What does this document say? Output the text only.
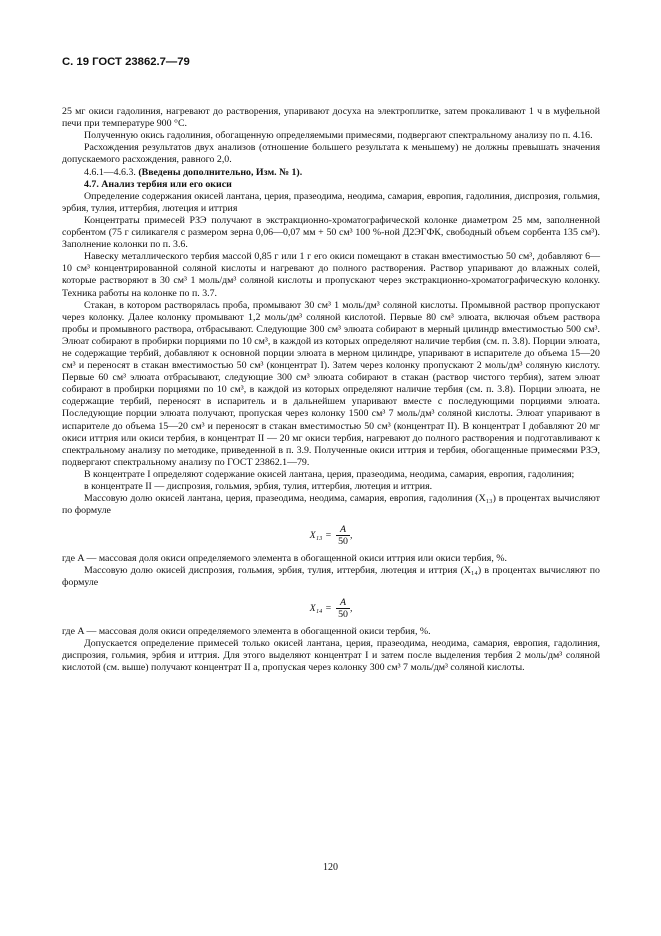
С. 19 ГОСТ 23862.7—79

25 мг окиси гадолиния, нагревают до растворения, упаривают досуха на электроплитке, затем прокаливают 1 ч в муфельной печи при температуре 900 °С.

Полученную окись гадолиния, обогащенную определяемыми примесями, подвергают спектральному анализу по п. 4.16.

Расхождения результатов двух анализов (отношение большего результата к меньшему) не должны превышать значения допускаемого расхождения, равного 2,0.

4.6.1—4.6.3. (Введены дополнительно, Изм. № 1).

4.7. Анализ тербия или его окиси

Определение содержания окисей лантана, церия, празеодима, неодима, самария, европия, гадолиния, диспрозия, гольмия, эрбия, тулия, иттербия, лютеция и иттрия

Концентраты примесей РЗЭ получают в экстракционно-хроматографической колонке диаметром 25 мм, заполненной сорбентом (75 г силикагеля с размером зерна 0,06—0,07 мм + 50 см³ 100 %-ной Д2ЭГФК, свободный объем сорбента 135 см³). Заполнение колонки по п. 3.6.

Навеску металлического тербия массой 0,85 г или 1 г его окиси помещают в стакан вместимостью 50 см³, добавляют 6—10 см³ концентрированной соляной кислоты и нагревают до полного растворения. Раствор упаривают до влажных солей, которые растворяют в 30 см³ 1 моль/дм³ соляной кислоты и пропускают через экстракционно-хроматографическую колонку. Техника работы на колонке по п. 3.7.

Стакан, в котором растворялась проба, промывают 30 см³ 1 моль/дм³ соляной кислоты. Промывной раствор пропускают через колонку. Далее колонку промывают 1,2 моль/дм³ соляной кислотой. Первые 80 см³ элюата, включая объем раствора пробы и промывного раствора, отбрасывают. Следующие 300 см³ элюата собирают в мерный цилиндр вместимостью 500 см³. Элюат собирают в пробирки порциями по 10 см³, в каждой из которых определяют наличие тербия (см. п. 3.8). Порции элюата, не содержащие тербий, добавляют к основной порции элюата в мерном цилиндре, упаривают в испарителе до объема 15—20 см³ и переносят в стакан вместимостью 50 см³ (концентрат I). Затем через колонку пропускают 2 моль/дм³ соляную кислоту. Первые 60 см³ элюата отбрасывают, следующие 300 см³ элюата собирают в стакан (раствор чистого тербия), затем элюат собирают в пробирки порциями по 10 см³, в каждой из которых определяют наличие тербия (см. п. 3.8). Порции элюата, не содержащие тербий, переносят в испаритель и в дальнейшем упаривают вместе с последующими порциями элюата. Последующие порции элюата получают, пропуская через колонку 1500 см³ 7 моль/дм³ соляной кислоты. Элюат упаривают в испарителе до объема 15—20 см³ и переносят в стакан вместимостью 50 см³ (концентрат II). В концентрат I добавляют 20 мг окиси иттрия или окиси тербия, в концентрат II — 20 мг окиси тербия, нагревают до полного растворения и подготавливают к спектральному анализу по методике, приведенной в п. 3.9. Полученные окиси иттрия и тербия, обогащенные примесями РЗЭ, подвергают спектральному анализу по ГОСТ 23862.1—79.

В концентрате I определяют содержание окисей лантана, церия, празеодима, неодима, самария, европия, гадолиния;

в концентрате II — диспрозия, гольмия, эрбия, тулия, иттербия, лютеция и иттрия.

Массовую долю окисей лантана, церия, празеодима, неодима, самария, европия, гадолиния (X₁₃) в процентах вычисляют по формуле

$X_{13} = \frac{A}{50}$ ,

где A — массовая доля окиси определяемого элемента в обогащенной окиси иттрия или окиси тербия, %.

Массовую долю окисей диспрозия, гольмия, эрбия, тулия, иттербия, лютеция и иттрия (X₁₄) в процентах вычисляют по формуле

$X_{14} = \frac{A}{50}$ ,

где A — массовая доля окиси определяемого элемента в обогащенной окиси тербия, %.

Допускается определение примесей только окисей лантана, церия, празеодима, неодима, самария, европия, гадолиния, диспрозия, гольмия, эрбия и иттрия. Для этого выделяют концентрат I и затем после выделения тербия 2 моль/дм³ соляной кислотой (см. выше) получают концентрат II а, пропуская через колонку 300 см³ 7 моль/дм³ соляной кислоты.

120
